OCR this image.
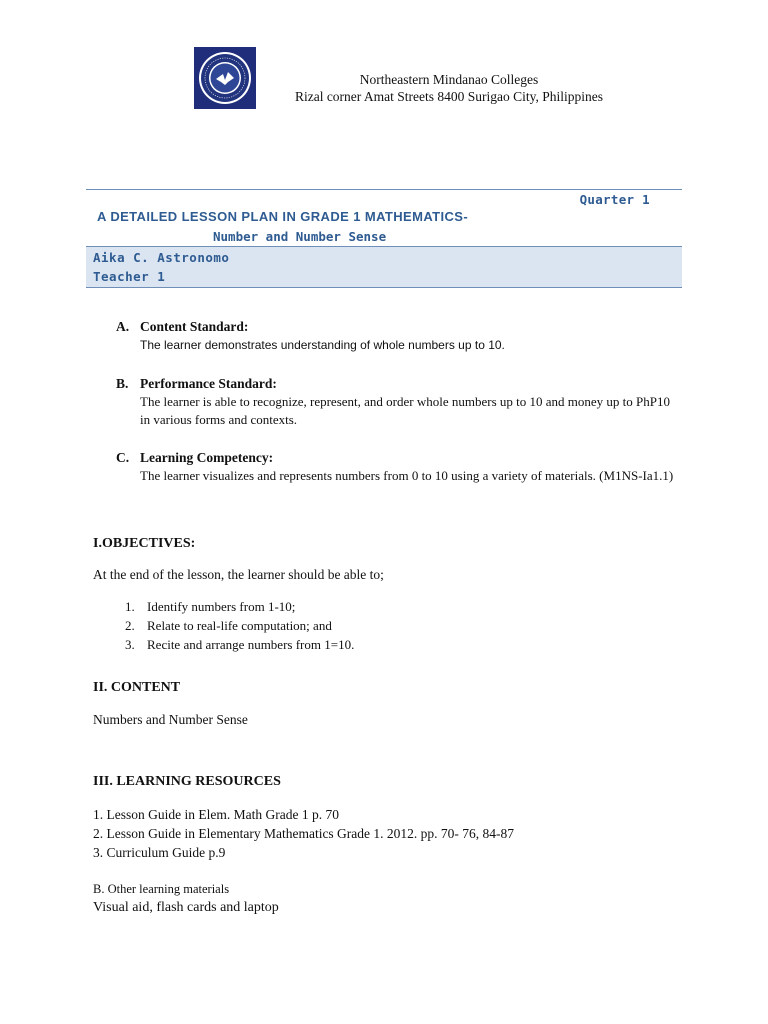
Northeastern Mindanao Colleges
Rizal corner Amat Streets 8400 Surigao City, Philippines
Quarter 1
A DETAILED LESSON PLAN IN GRADE 1 MATHEMATICS-
Number and Number Sense
Aika C. Astronomo
Teacher 1
A. Content Standard:
The learner demonstrates understanding of whole numbers up to 10.
B. Performance Standard:
The learner is able to recognize, represent, and order whole numbers up to 10 and money up to PhP10 in various forms and contexts.
C. Learning Competency:
The learner visualizes and represents numbers from 0 to 10 using a variety of materials. (M1NS-Ia1.1)
I.OBJECTIVES:
At the end of the lesson, the learner should be able to;
1. Identify numbers from 1-10;
2. Relate to real-life computation; and
3. Recite and arrange numbers from 1=10.
II. CONTENT
Numbers and Number Sense
III. LEARNING RESOURCES
1. Lesson Guide in Elem. Math Grade 1 p. 70
2. Lesson Guide in Elementary Mathematics Grade 1. 2012. pp. 70- 76, 84-87
3. Curriculum Guide p.9
B. Other learning materials
Visual aid, flash cards and laptop
